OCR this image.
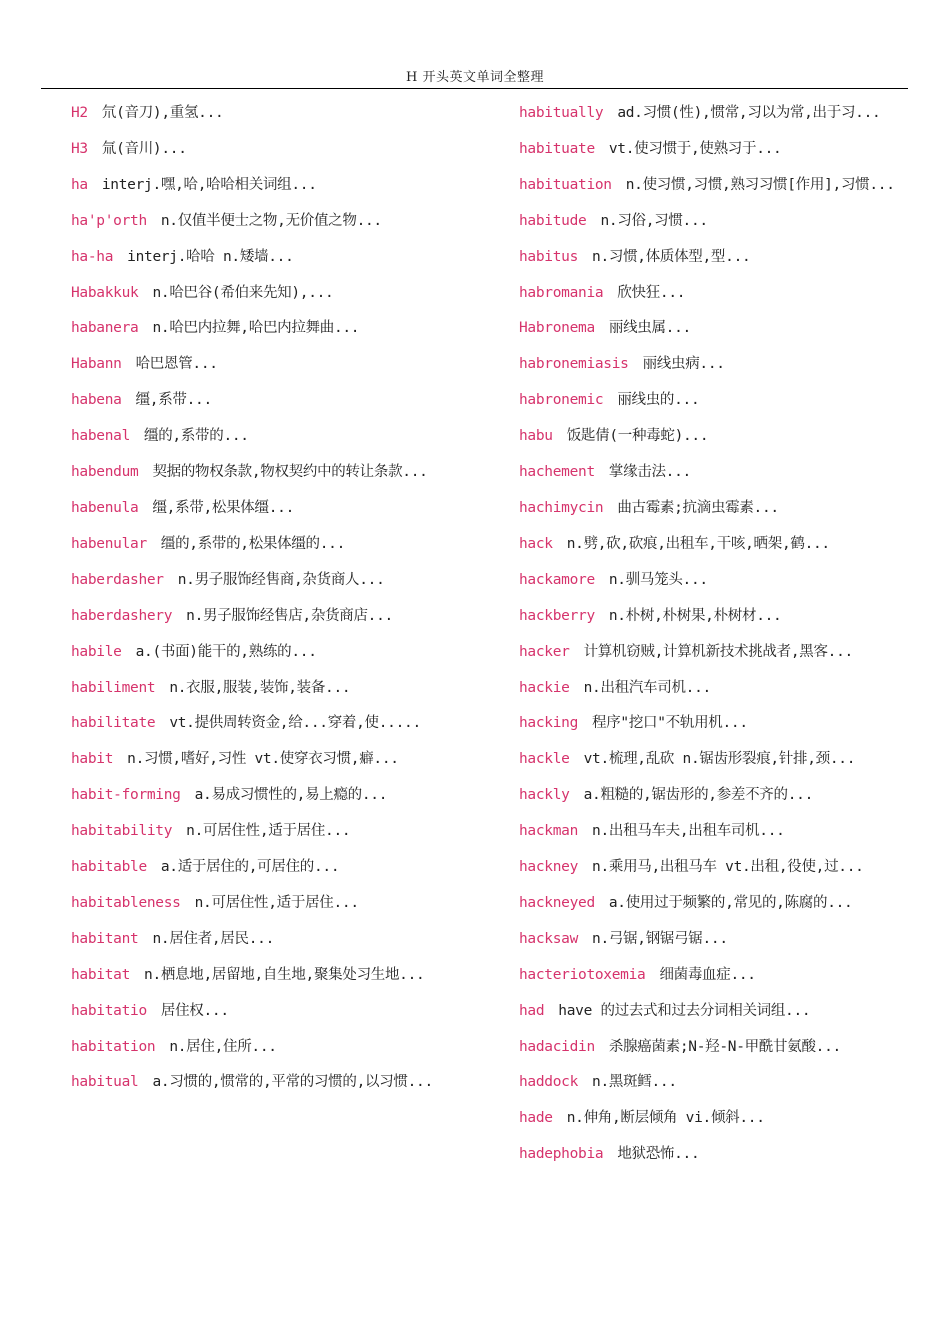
H 开头英文单词全整理
H2 氘(音刀),重氢...
H3 氚(音川)...
ha interj.嘿,哈,哈哈相关词组...
ha'p'orth n.仅值半便士之物,无价值之物...
ha-ha interj.哈哈 n.矮墙...
Habakkuk n.哈巴谷(希伯来先知),...
habanera n.哈巴内拉舞,哈巴内拉舞曲...
Habann 哈巴恩管...
habena 缰,系带...
habenal 缰的,系带的...
habendum 契据的物权条款,物权契约中的转让条款...
habenula 缰,系带,松果体缰...
habenular 缰的,系带的,松果体缰的...
haberdasher n.男子服饰经售商,杂货商人...
haberdashery n.男子服饰经售店,杂货商店...
habile a.(书面)能干的,熟练的...
habiliment n.衣服,服装,装饰,装备...
habilitate vt.提供周转资金,给...穿着,使.....
habit n.习惯,嗜好,习性 vt.使穿衣习惯,癖...
habit-forming a.易成习惯性的,易上瘾的...
habitability n.可居住性,适于居住...
habitable a.适于居住的,可居住的...
habitableness n.可居住性,适于居住...
habitant n.居住者,居民...
habitat n.栖息地,居留地,自生地,聚集处习生地...
habitatio 居住权...
habitation n.居住,住所...
habitual a.习惯的,惯常的,平常的习惯的,以习惯...
habitually ad.习惯(性),惯常,习以为常,出于习...
habituate vt.使习惯于,使熟习于...
habituation n.使习惯,习惯,熟习习惯[作用],习惯...
habitude n.习俗,习惯...
habitus n.习惯,体质体型,型...
habromania 欣快狂...
Habronema 丽线虫属...
habronemiasis 丽线虫病...
habronemic 丽线虫的...
habu 饭匙倩(一种毒蛇)...
hachement 掌缘击法...
hachimycin 曲古霉素;抗滴虫霉素...
hack n.劈,砍,砍痕,出租车,干咳,晒架,鹤...
hackamore n.驯马笼头...
hackberry n.朴树,朴树果,朴树材...
hacker 计算机窃贼,计算机新技术挑战者,黑客...
hackie n.出租汽车司机...
hacking 程序"挖口"不轨用机...
hackle vt.梳理,乱砍 n.锯齿形裂痕,针排,颈...
hackly a.粗糙的,锯齿形的,参差不齐的...
hackman n.出租马车夫,出租车司机...
hackney n.乘用马,出租马车 vt.出租,役使,过...
hackneyed a.使用过于频繁的,常见的,陈腐的...
hacksaw n.弓锯,钢锯弓锯...
hacteriotoxemia 细菌毒血症...
had have 的过去式和过去分词相关词组...
hadacidin 杀腺癌菌素;N-羟-N-甲酰甘氨酸...
haddock n.黑斑鳕...
hade n.伸角,断层倾角 vi.倾斜...
hadephobia 地狱恐怖...
